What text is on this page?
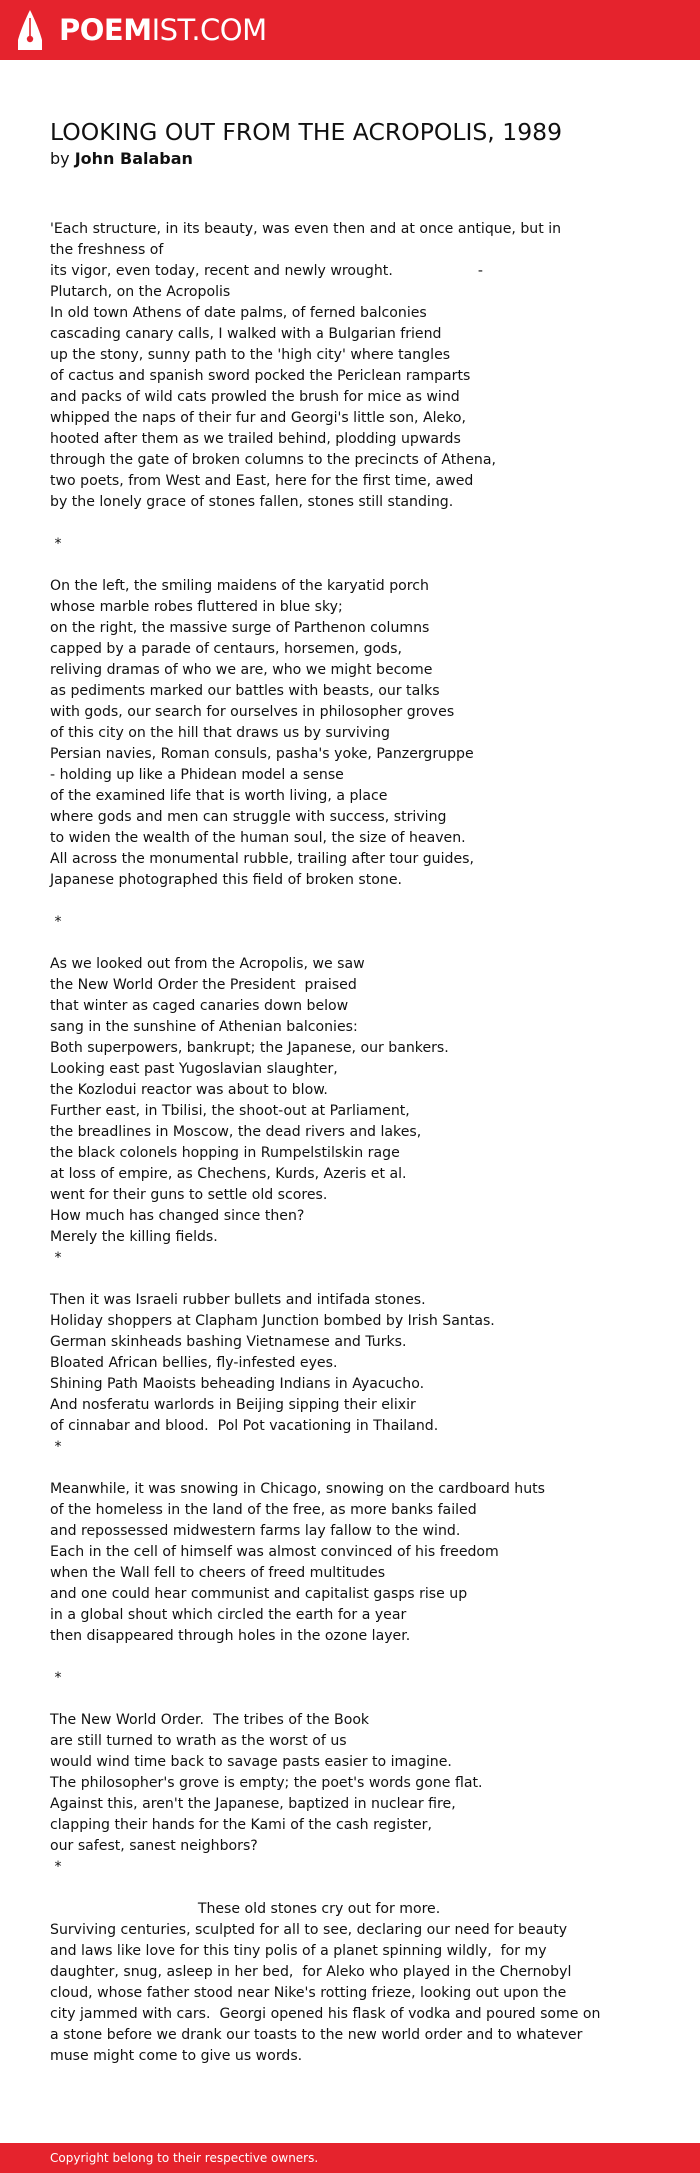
POEMIST.COM
LOOKING OUT FROM THE ACROPOLIS, 1989
by John Balaban
'Each structure, in its beauty, was even then and at once antique, but in
the freshness of
its vigor, even today, recent and newly wrought.                   -
Plutarch, on the Acropolis
In old town Athens of date palms, of ferned balconies
cascading canary calls, I walked with a Bulgarian friend
up the stony, sunny path to the 'high city' where tangles
of cactus and spanish sword pocked the Periclean ramparts
and packs of wild cats prowled the brush for mice as wind
whipped the naps of their fur and Georgi's little son, Aleko,
hooted after them as we trailed behind, plodding upwards
through the gate of broken columns to the precincts of Athena,
two poets, from West and East, here for the first time, awed
by the lonely grace of stones fallen, stones still standing.
*
On the left, the smiling maidens of the karyatid porch
whose marble robes fluttered in blue sky;
on the right, the massive surge of Parthenon columns
capped by a parade of centaurs, horsemen, gods,
reliving dramas of who we are, who we might become
as pediments marked our battles with beasts, our talks
with gods, our search for ourselves in philosopher groves
of this city on the hill that draws us by surviving
Persian navies, Roman consuls, pasha's yoke, Panzergruppe
- holding up like a Phidean model a sense
of the examined life that is worth living, a place
where gods and men can struggle with success, striving
to widen the wealth of the human soul, the size of heaven.
All across the monumental rubble, trailing after tour guides,
Japanese photographed this field of broken stone.
*
As we looked out from the Acropolis, we saw
the New World Order the President  praised
that winter as caged canaries down below
sang in the sunshine of Athenian balconies:
Both superpowers, bankrupt; the Japanese, our bankers.
Looking east past Yugoslavian slaughter,
the Kozlodui reactor was about to blow.
Further east, in Tbilisi, the shoot-out at Parliament,
the breadlines in Moscow, the dead rivers and lakes,
the black colonels hopping in Rumpelstilskin rage
at loss of empire, as Chechens, Kurds, Azeris et al.
went for their guns to settle old scores.
How much has changed since then?
Merely the killing fields.
*
Then it was Israeli rubber bullets and intifada stones.
Holiday shoppers at Clapham Junction bombed by Irish Santas.
German skinheads bashing Vietnamese and Turks.
Bloated African bellies, fly-infested eyes.
Shining Path Maoists beheading Indians in Ayacucho.
And nosferatu warlords in Beijing sipping their elixir
of cinnabar and blood.  Pol Pot vacationing in Thailand.
*
Meanwhile, it was snowing in Chicago, snowing on the cardboard huts
of the homeless in the land of the free, as more banks failed
and repossessed midwestern farms lay fallow to the wind.
Each in the cell of himself was almost convinced of his freedom
when the Wall fell to cheers of freed multitudes
and one could hear communist and capitalist gasps rise up
in a global shout which circled the earth for a year
then disappeared through holes in the ozone layer.
*
The New World Order.  The tribes of the Book
are still turned to wrath as the worst of us
would wind time back to savage pasts easier to imagine.
The philosopher's grove is empty; the poet's words gone flat.
Against this, aren't the Japanese, baptized in nuclear fire,
clapping their hands for the Kami of the cash register,
our safest, sanest neighbors?
*
These old stones cry out for more.
Surviving centuries, sculpted for all to see, declaring our need for beauty
and laws like love for this tiny polis of a planet spinning wildly,  for my
daughter, snug, asleep in her bed,  for Aleko who played in the Chernobyl
cloud, whose father stood near Nike's rotting frieze, looking out upon the
city jammed with cars.  Georgi opened his flask of vodka and poured some on
a stone before we drank our toasts to the new world order and to whatever
muse might come to give us words.
Copyright belong to their respective owners.
